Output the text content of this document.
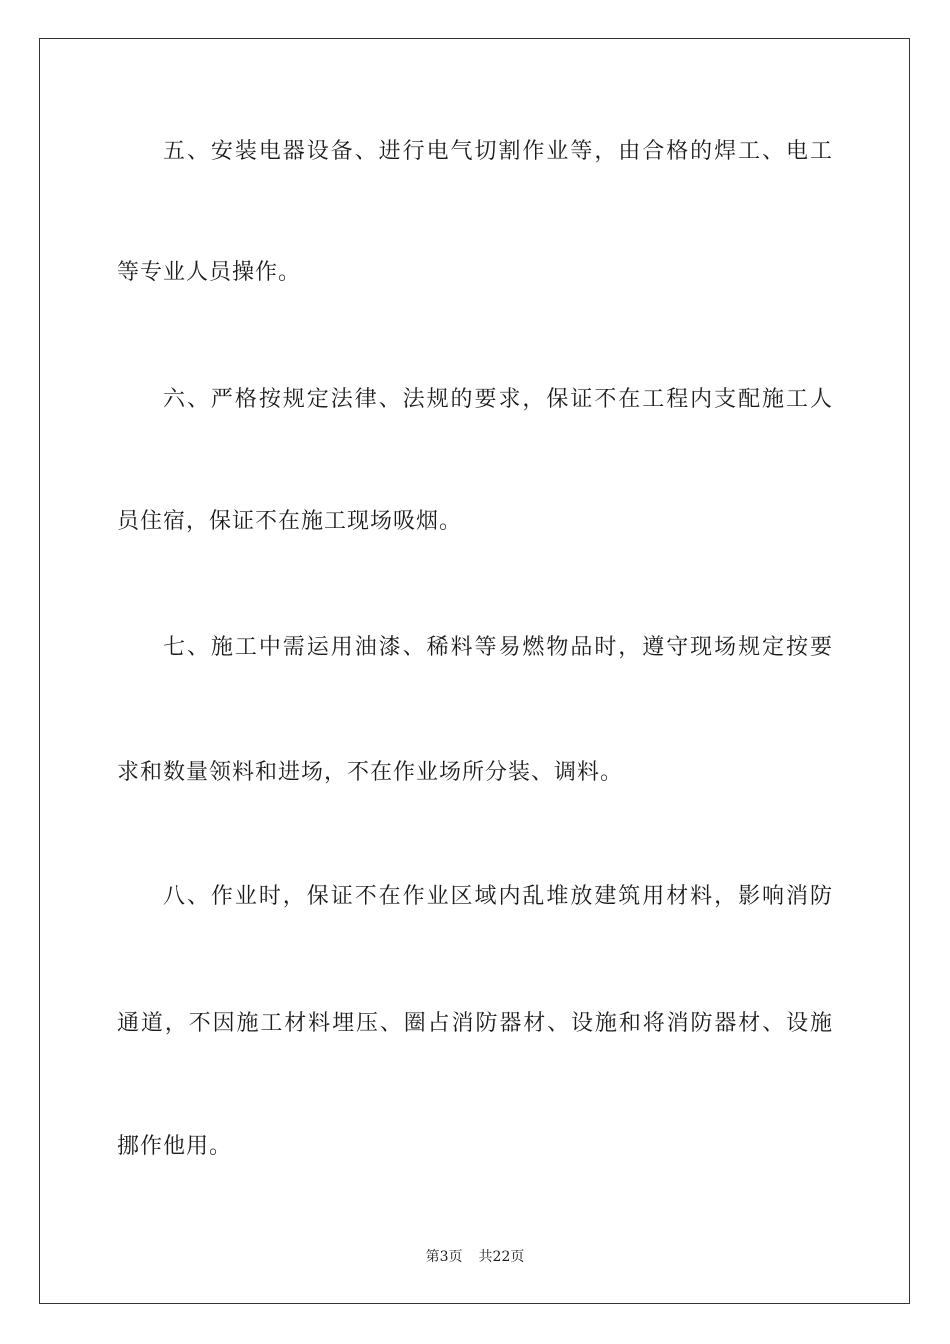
五、安装电器设备、进行电气切割作业等，由合格的焊工、电工
等专业人员操作。
六、严格按规定法律、法规的要求，保证不在工程内支配施工人
员住宿，保证不在施工现场吸烟。
七、施工中需运用油漆、稀料等易燃物品时，遵守现场规定按要
求和数量领料和进场，不在作业场所分装、调料。
八、作业时，保证不在作业区域内乱堆放建筑用材料，影响消防
通道，不因施工材料埋压、圈占消防器材、设施和将消防器材、设施
挪作他用。
第3页 共22页
